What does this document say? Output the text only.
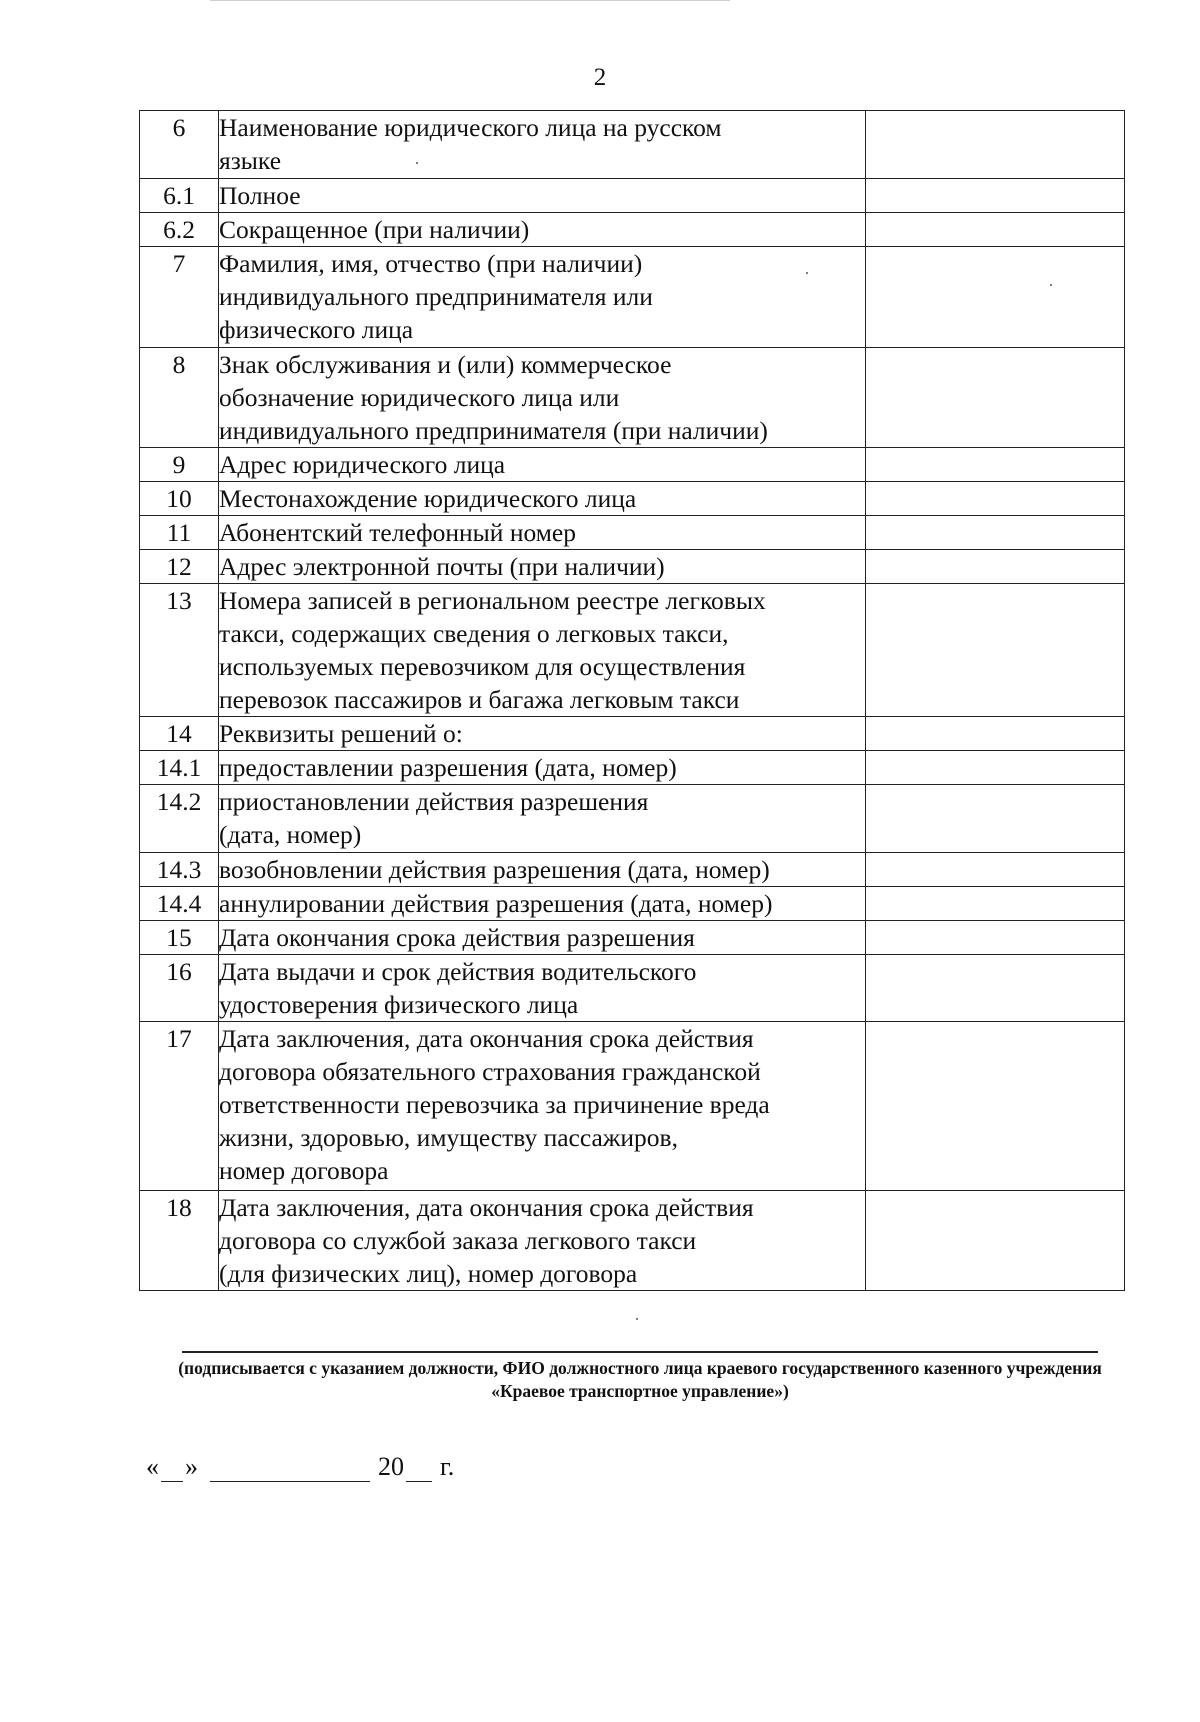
2
6	Наименование юридического лица на русском
языке	
6.1	Полное	
6.2	Сокращенное (при наличии)	
7	Фамилия, имя, отчество (при наличии)
индивидуального предпринимателя или
физического лица	
8	Знак обслуживания и (или) коммерческое
обозначение юридического лица или
индивидуального предпринимателя (при наличии)	
9	Адрес юридического лица	
10	Местонахождение юридического лица	
11	Абонентский телефонный номер	
12	Адрес электронной почты (при наличии)	
13	Номера записей в региональном реестре легковых
такси, содержащих сведения о легковых такси,
используемых перевозчиком для осуществления
перевозок пассажиров и багажа легковым такси	
14	Реквизиты решений о:	
14.1	предоставлении разрешения (дата, номер)	
14.2	приостановлении действия разрешения
(дата, номер)	
14.3	возобновлении действия разрешения (дата, номер)	
14.4	аннулировании действия разрешения (дата, номер)	
15	Дата окончания срока действия разрешения	
16	Дата выдачи и срок действия водительского
удостоверения физического лица	
17	Дата заключения, дата окончания срока действия
договора обязательного страхования гражданской
ответственности перевозчика за причинение вреда
жизни, здоровью, имуществу пассажиров,
номер договора	
18	Дата заключения, дата окончания срока действия
договора со службой заказа легкового такси
(для физических лиц), номер договора	
(подписывается с указанием должности, ФИО должностного лица краевого государственного казенного учреждения «Краевое транспортное управление»)
« »	20 г.
